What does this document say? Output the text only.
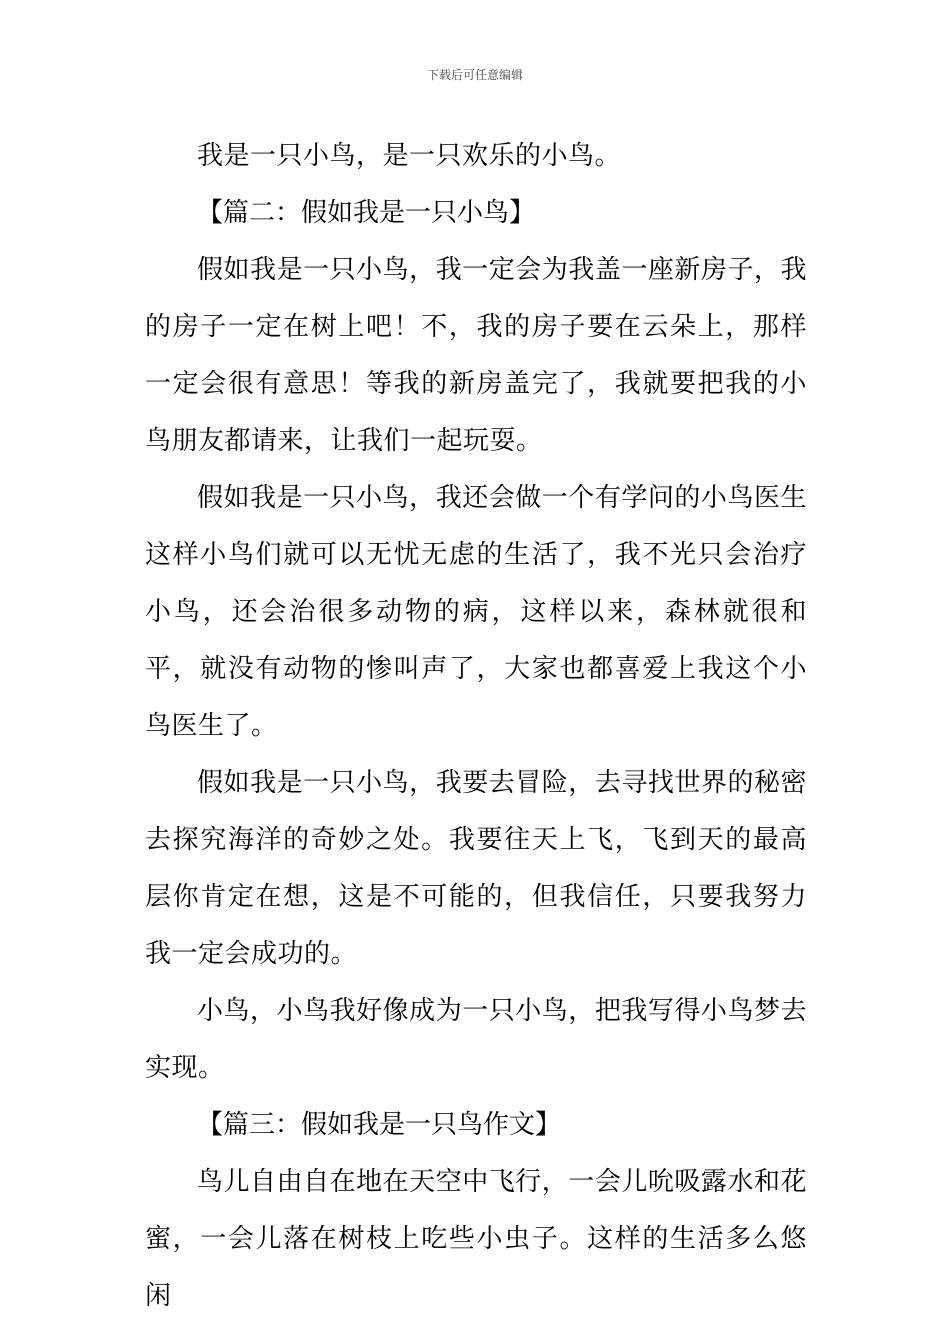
下载后可任意编辑

我是一只小鸟，是一只欢乐的小鸟。

【篇二：假如我是一只小鸟】

假如我是一只小鸟，我一定会为我盖一座新房子，我的房子一定在树上吧！不，我的房子要在云朵上，那样一定会很有意思！等我的新房盖完了，我就要把我的小鸟朋友都请来，让我们一起玩耍。

假如我是一只小鸟，我还会做一个有学问的小鸟医生这样小鸟们就可以无忧无虑的生活了，我不光只会治疗小鸟，还会治很多动物的病，这样以来，森林就很和平，就没有动物的惨叫声了，大家也都喜爱上我这个小鸟医生了。

假如我是一只小鸟，我要去冒险，去寻找世界的秘密去探究海洋的奇妙之处。我要往天上飞，飞到天的最高层你肯定在想，这是不可能的，但我信任，只要我努力我一定会成功的。

小鸟，小鸟我好像成为一只小鸟，把我写得小鸟梦去实现。

【篇三：假如我是一只鸟作文】

鸟儿自由自在地在天空中飞行，一会儿吮吸露水和花蜜，一会儿落在树枝上吃些小虫子。这样的生活多么悠闲
